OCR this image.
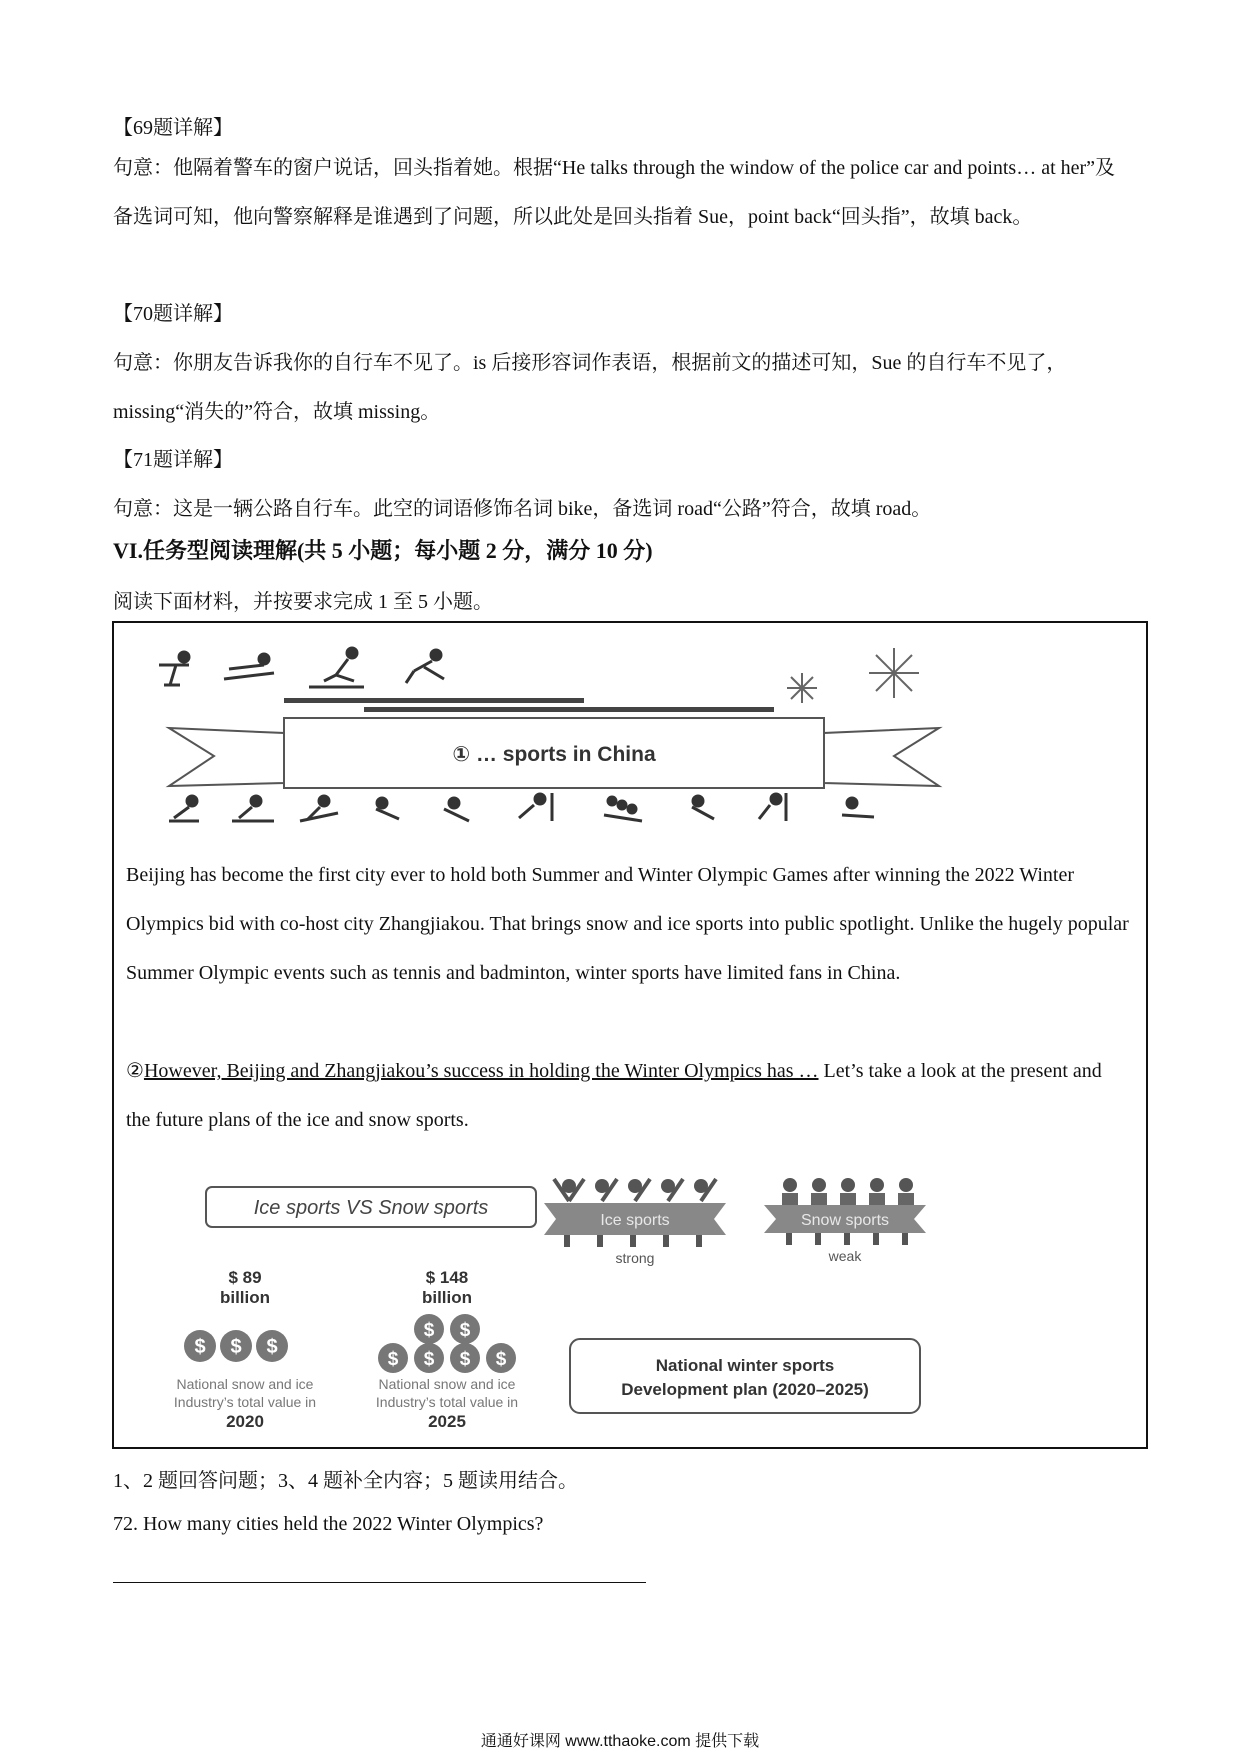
【69题详解】

句意：他隔着警车的窗户说话，回头指着她。根据“He talks through the window of the police car and points… at her”及备选词可知，他向警察解释是谁遇到了问题，所以此处是回头指着 Sue，point back“回头指”，故填 back。

【70题详解】

句意：你朋友告诉我你的自行车不见了。is 后接形容词作表语，根据前文的描述可知，Sue 的自行车不见了，missing“消失的”符合，故填 missing。

【71题详解】

句意：这是一辆公路自行车。此空的词语修饰名词 bike，备选词 road“公路”符合，故填 road。

VI.任务型阅读理解(共 5 小题；每小题 2 分，满分 10 分)

阅读下面材料，并按要求完成 1 至 5 小题。

① … sports in China

Beijing has become the first city ever to hold both Summer and Winter Olympic Games after winning the 2022 Winter Olympics bid with co-host city Zhangjiakou. That brings snow and ice sports into public spotlight. Unlike the hugely popular Summer Olympic events such as tennis and badminton, winter sports have limited fans in China.

②However, Beijing and Zhangjiakou’s success in holding the Winter Olympics has … Let’s take a look at the present and the future plans of the ice and snow sports.

Ice sports VS Snow sports
Ice sports
strong
Snow sports
weak
$ 89
billion
$ $ $
National snow and ice
Industry’s total value in
2020
$ 148
billion
$ $
$ $ $ $
National snow and ice
Industry’s total value in
2025
National winter sports
Development plan (2020–2025)

1、2 题回答问题；3、4 题补全内容；5 题读用结合。

72. How many cities held the 2022 Winter Olympics?

通通好课网 www.tthaoke.com 提供下载
